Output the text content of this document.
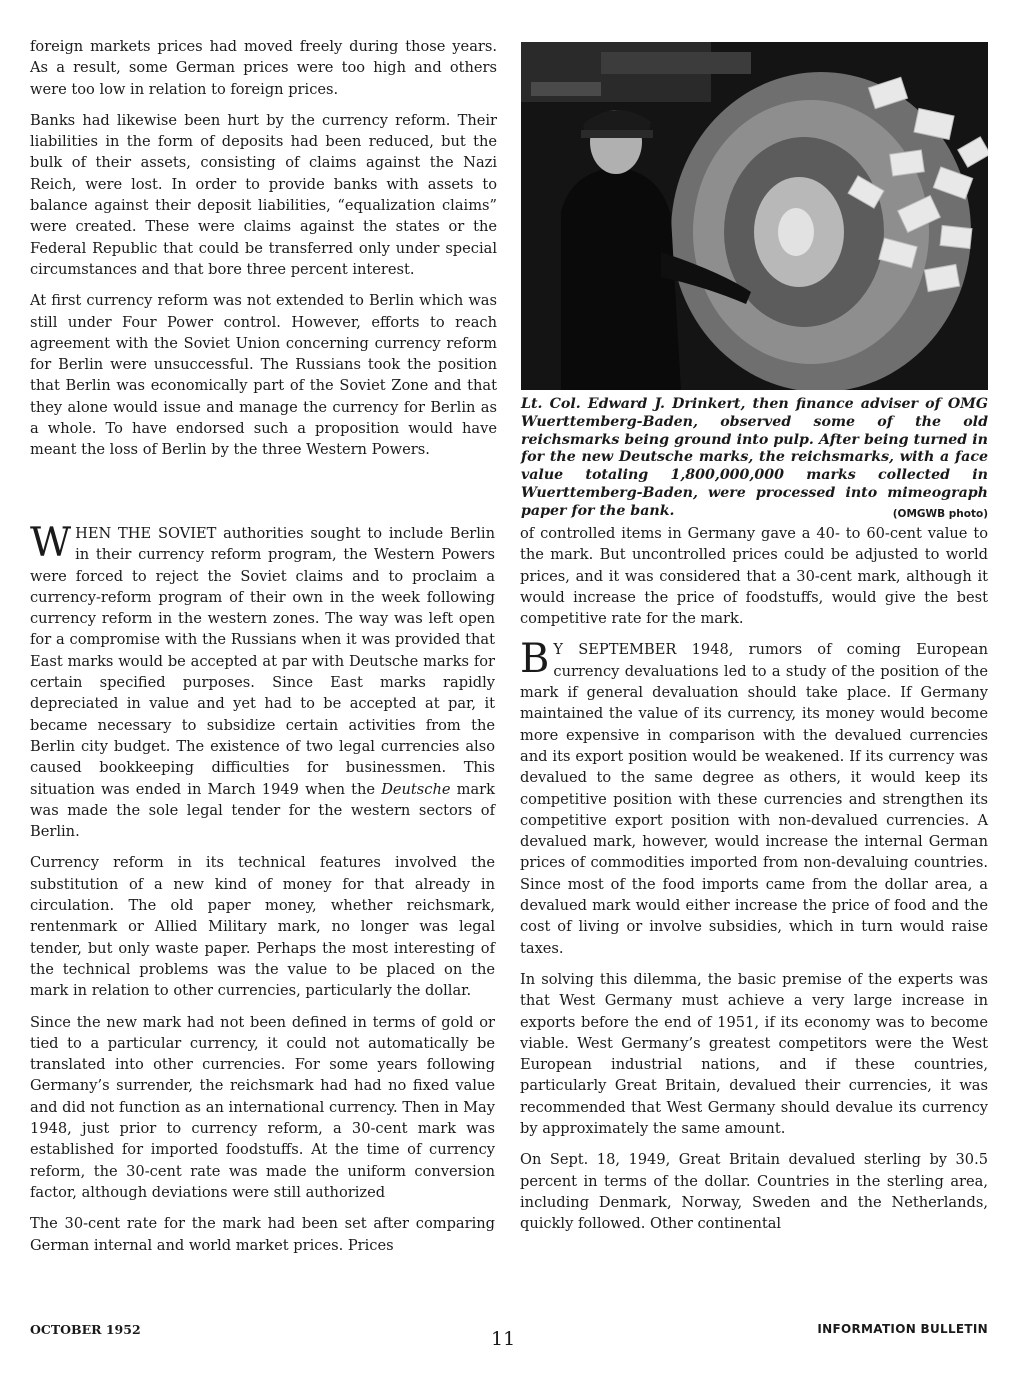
foreign markets prices had moved freely during those years. As a result, some German prices were too high and others were too low in relation to foreign prices.

Banks had likewise been hurt by the currency reform. Their liabilities in the form of deposits had been reduced, but the bulk of their assets, consisting of claims against the Nazi Reich, were lost. In order to provide banks with assets to balance against their deposit liabilities, “equalization claims” were created. These were claims against the states or the Federal Republic that could be transferred only under special circumstances and that bore three percent interest.

At first currency reform was not extended to Berlin which was still under Four Power control. However, efforts to reach agreement with the Soviet Union concerning currency reform for Berlin were unsuccessful. The Russians took the position that Berlin was economically part of the Soviet Zone and that they alone would issue and manage the currency for Berlin as a whole. To have endorsed such a proposition would have meant the loss of Berlin by the three Western Powers.

Lt. Col. Edward J. Drinkert, then finance adviser of OMG Wuerttemberg-Baden, observed some of the old reichsmarks being ground into pulp. After being turned in for the new Deutsche marks, the reichsmarks, with a face value totaling 1,800,000,000 marks collected in Wuerttemberg-Baden, were processed into mimeograph paper for the bank.	(OMGWB photo)

WHEN THE SOVIET authorities sought to include Berlin in their currency reform program, the Western Powers were forced to reject the Soviet claims and to proclaim a currency-reform program of their own in the week following currency reform in the western zones. The way was left open for a compromise with the Russians when it was provided that East marks would be accepted at par with Deutsche marks for certain specified purposes. Since East marks rapidly depreciated in value and yet had to be accepted at par, it became necessary to subsidize certain activities from the Berlin city budget. The existence of two legal currencies also caused bookkeeping difficulties for businessmen. This situation was ended in March 1949 when the Deutsche mark was made the sole legal tender for the western sectors of Berlin.

Currency reform in its technical features involved the substitution of a new kind of money for that already in circulation. The old paper money, whether reichsmark, rentenmark or Allied Military mark, no longer was legal tender, but only waste paper. Perhaps the most interesting of the technical problems was the value to be placed on the mark in relation to other currencies, particularly the dollar.

Since the new mark had not been defined in terms of gold or tied to a particular currency, it could not automatically be translated into other currencies. For some years following Germany’s surrender, the reichsmark had had no fixed value and did not function as an international currency. Then in May 1948, just prior to currency reform, a 30-cent mark was established for imported foodstuffs. At the time of currency reform, the 30-cent rate was made the uniform conversion factor, although deviations were still authorized

The 30-cent rate for the mark had been set after comparing German internal and world market prices. Prices

of controlled items in Germany gave a 40- to 60-cent value to the mark. But uncontrolled prices could be adjusted to world prices, and it was considered that a 30-cent mark, although it would increase the price of foodstuffs, would give the best competitive rate for the mark.

B Y SEPTEMBER 1948, rumors of coming European currency devaluations led to a study of the position of the mark if general devaluation should take place. If Germany maintained the value of its currency, its money would become more expensive in comparison with the devalued currencies and its export position would be weakened. If its currency was devalued to the same degree as others, it would keep its competitive position with these currencies and strengthen its competitive export position with non-devalued currencies. A devalued mark, however, would increase the internal German prices of commodities imported from non-devaluing countries. Since most of the food imports came from the dollar area, a devalued mark would either increase the price of food and the cost of living or involve subsidies, which in turn would raise taxes.

In solving this dilemma, the basic premise of the experts was that West Germany must achieve a very large increase in exports before the end of 1951, if its economy was to become viable. West Germany’s greatest competitors were the West European industrial nations, and if these countries, particularly Great Britain, devalued their currencies, it was recommended that West Germany should devalue its currency by approximately the same amount.

On Sept. 18, 1949, Great Britain devalued sterling by 30.5 percent in terms of the dollar. Countries in the sterling area, including Denmark, Norway, Sweden and the Netherlands, quickly followed. Other continental

OCTOBER 1952	11	INFORMATION BULLETIN
